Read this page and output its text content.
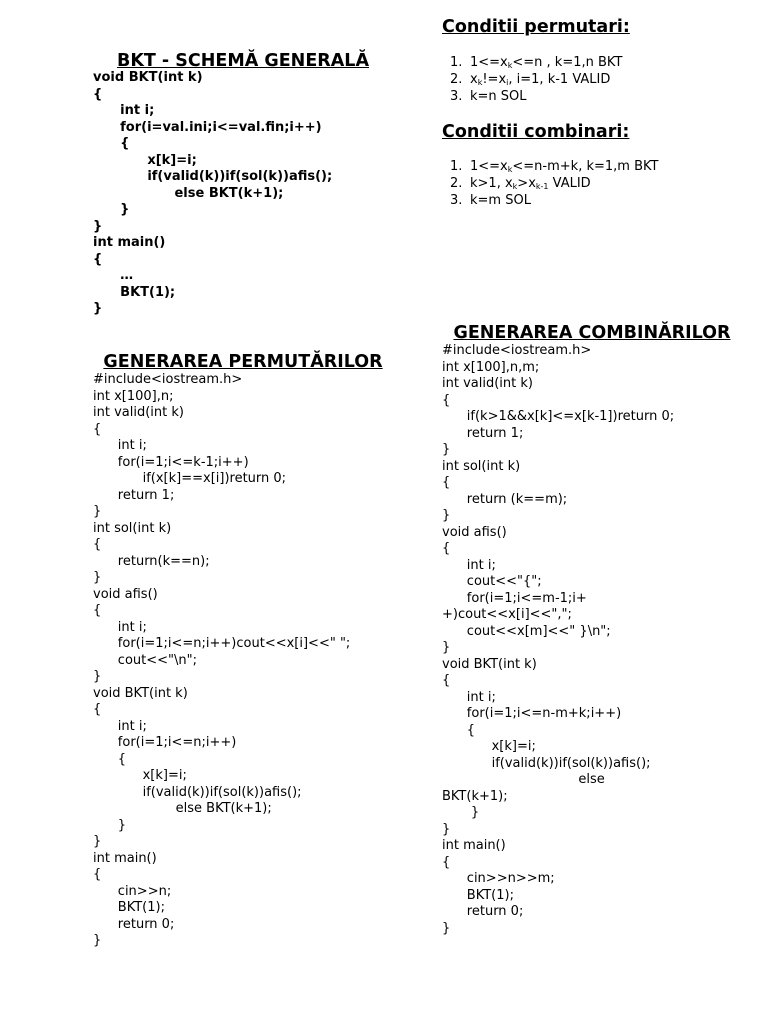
BKT - SCHEMĂ GENERALĂ
void BKT(int k)
{
	int i;
	for(i=val.ini;i<=val.fin;i++)
	{
		x[k]=i;
		if(valid(k))if(sol(k))afis();
			else BKT(k+1);
	}
}
int main()
{
	…
	BKT(1);
}
Conditii permutari:
1. $1<=x_k<=n$ , k=1,n BKT
2. $x_k!=x_i$, i=1, k-1 VALID
3. k=n SOL
Conditii combinari:
1. $1<=x_k<=n-m+k$, k=1,m BKT
2. k>1, $x_k>x_{k-1}$ VALID
3. k=m SOL
GENERAREA PERMUTĂRILOR
#include<iostream.h>
int x[100],n;
int valid(int k)
{
	int i;
	for(i=1;i<=k-1;i++)
		if(x[k]==x[i])return 0;
	return 1;
}
int sol(int k)
{
	return(k==n);
}
void afis()
{
	int i;
	for(i=1;i<=n;i++)cout<<x[i]<<" ";
	cout<<"\n";
}
void BKT(int k)
{
	int i;
	for(i=1;i<=n;i++)
	{
		x[k]=i;
		if(valid(k))if(sol(k))afis();
			else BKT(k+1);
	}
}
int main()
{
	cin>>n;
	BKT(1);
	return 0;
}
GENERAREA COMBINĂRILOR
#include<iostream.h>
int x[100],n,m;
int valid(int k)
{
	if(k>1&&x[k]<=x[k-1])return 0;
	return 1;
}
int sol(int k)
{
	return (k==m);
}
void afis()
{
	int i;
	cout<<"{";
	for(i=1;i<=m-1;i+
+)cout<<x[i]<<",";
	cout<<x[m]<<" }\n";
}
void BKT(int k)
{
	int i;
	for(i=1;i<=n-m+k;i++)
	{
		x[k]=i;
		if(valid(k))if(sol(k))afis();
					else
BKT(k+1);
	}
}
int main()
{
	cin>>n>>m;
	BKT(1);
	return 0;
}
